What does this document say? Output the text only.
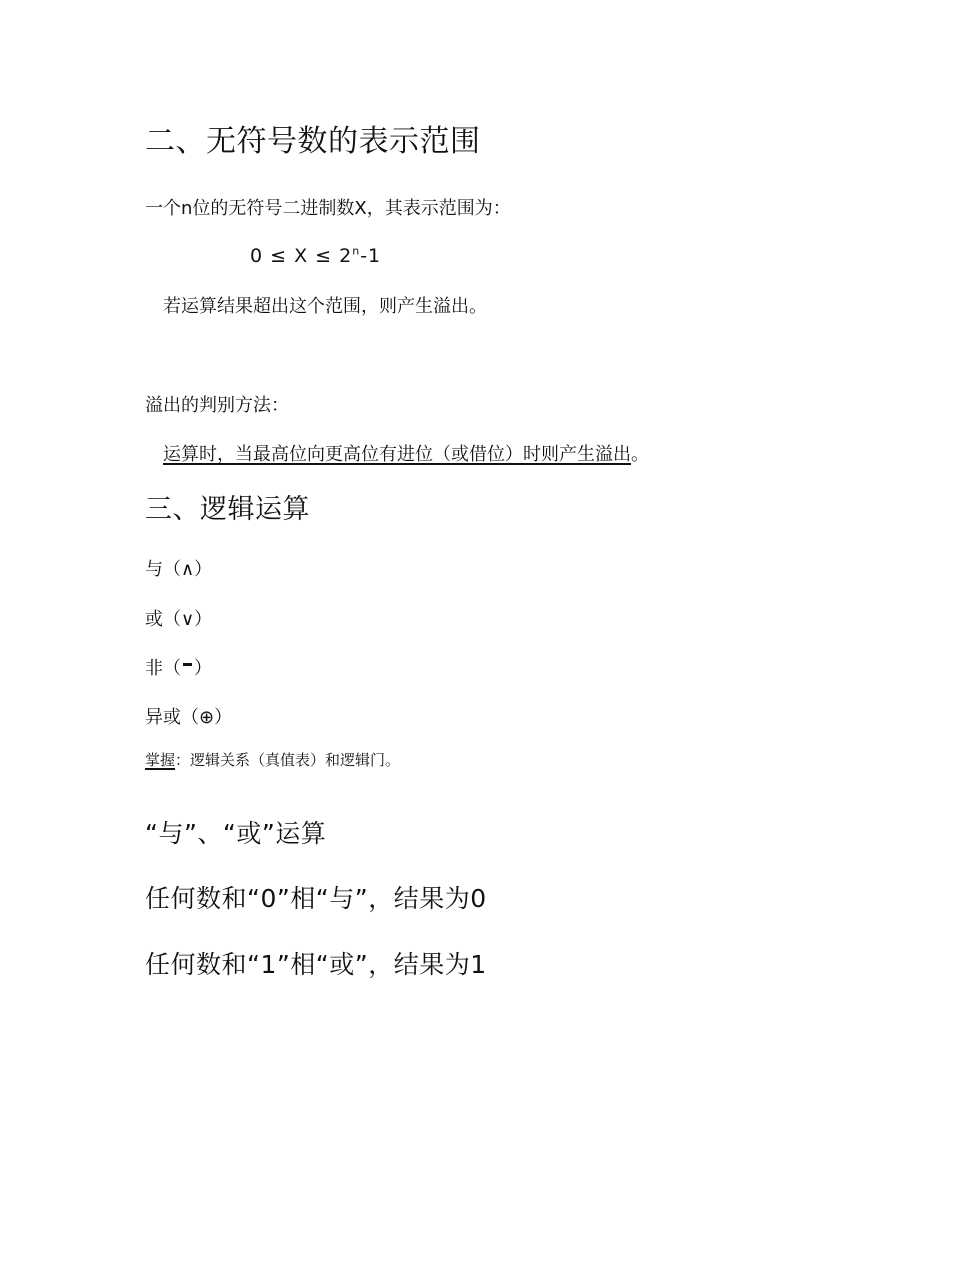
二、无符号数的表示范围
一个n位的无符号二进制数X，其表示范围为：
$0 \le X \le 2^n-1$
若运算结果超出这个范围，则产生溢出。
溢出的判别方法：
运算时，当最高位向更高位有进位（或借位）时则产生溢出。
三、逻辑运算
与（∧）
或（∨）
非（ ）
异或（⊕）
掌握：逻辑关系（真值表）和逻辑门。
“与”、“或”运算
任何数和“0”相“与”，结果为0
任何数和“1”相“或”，结果为1
